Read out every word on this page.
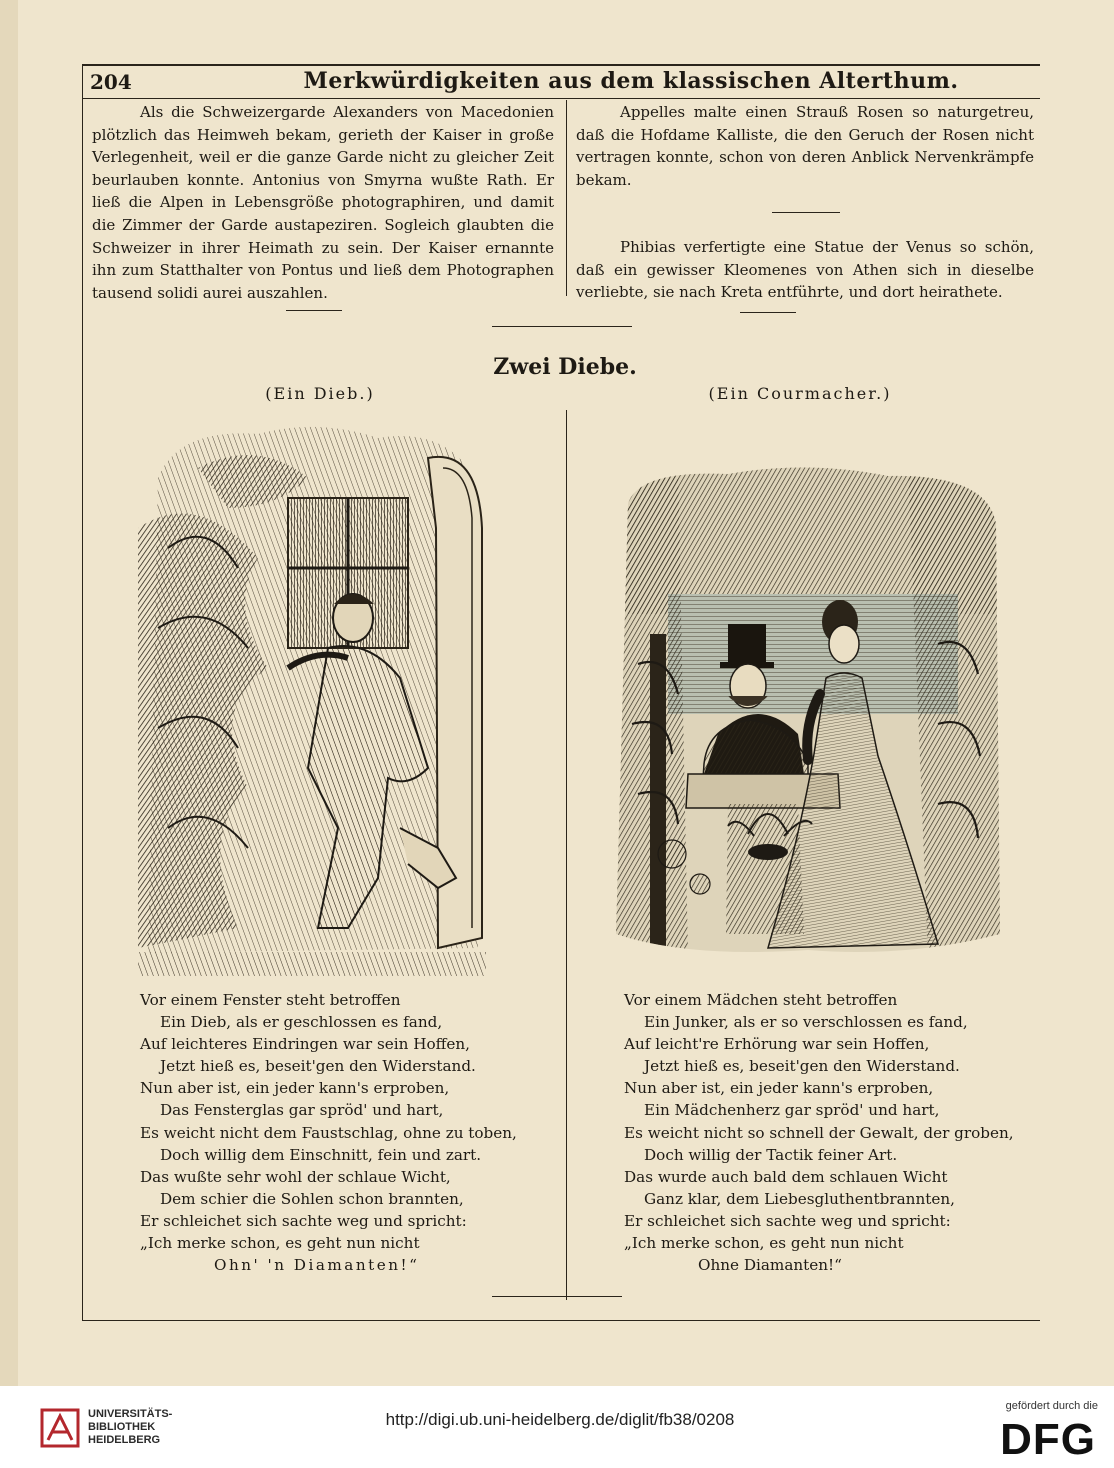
204	Merkwürdigkeiten aus dem klassischen Alterthum.

Als die Schweizergarde Alexanders von Macedonien plötzlich das Heimweh bekam, gerieth der Kaiser in große Verlegenheit, weil er die ganze Garde nicht zu gleicher Zeit beurlauben konnte. Antonius von Smyrna wußte Rath. Er ließ die Alpen in Lebensgröße photographiren, und damit die Zimmer der Garde austapeziren. Sogleich glaubten die Schweizer in ihrer Heimath zu sein. Der Kaiser ernannte ihn zum Statthalter von Pontus und ließ dem Photographen tausend solidi aurei auszahlen.

Appelles malte einen Strauß Rosen so naturgetreu, daß die Hofdame Kalliste, die den Geruch der Rosen nicht vertragen konnte, schon von deren Anblick Nervenkrämpfe bekam.

Phibias verfertigte eine Statue der Venus so schön, daß ein gewisser Kleomenes von Athen sich in dieselbe verliebte, sie nach Kreta entführte, und dort heirathete.

Zwei Diebe.
(Ein Dieb.)	(Ein Courmacher.)
Vor einem Fenster steht betroffen
Ein Dieb, als er geschlossen es fand,
Auf leichteres Eindringen war sein Hoffen,
Jetzt hieß es, beseit'gen den Widerstand.
Nun aber ist, ein jeder kann's erproben,
Das Fensterglas gar spröd' und hart,
Es weicht nicht dem Faustschlag, ohne zu toben,
Doch willig dem Einschnitt, fein und zart.
Das wußte sehr wohl der schlaue Wicht,
Dem schier die Sohlen schon brannten,
Er schleichet sich sachte weg und spricht:
„Ich merke schon, es geht nun nicht
Ohn' 'n Diamanten!“
Vor einem Mädchen steht betroffen
Ein Junker, als er so verschlossen es fand,
Auf leicht're Erhörung war sein Hoffen,
Jetzt hieß es, beseit'gen den Widerstand.
Nun aber ist, ein jeder kann's erproben,
Ein Mädchenherz gar spröd' und hart,
Es weicht nicht so schnell der Gewalt, der groben,
Doch willig der Tactik feiner Art.
Das wurde auch bald dem schlauen Wicht
Ganz klar, dem Liebesgluthentbrannten,
Er schleichet sich sachte weg und spricht:
„Ich merke schon, es geht nun nicht
Ohne Diamanten!“
UNIVERSITÄTS-
BIBLIOTHEK
HEIDELBERG
http://digi.ub.uni-heidelberg.de/diglit/fb38/0208
gefördert durch die
DFG
